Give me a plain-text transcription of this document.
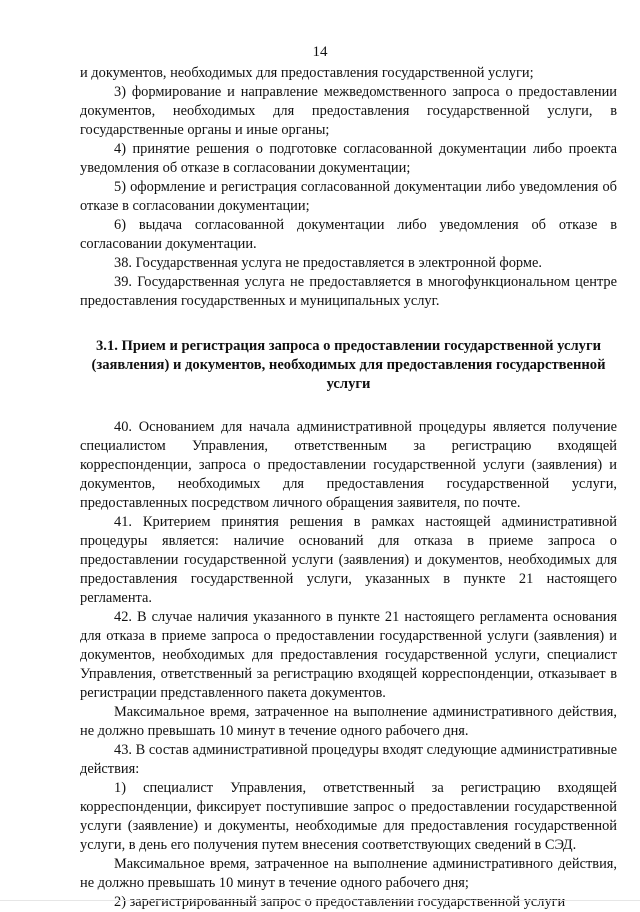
14

и документов, необходимых для предоставления государственной услуги;

3) формирование и направление межведомственного запроса о предоставлении документов, необходимых для предоставления государственной услуги, в государственные органы и иные органы;

4) принятие решения о подготовке согласованной документации либо проекта уведомления об отказе в согласовании документации;

5) оформление и регистрация согласованной документации либо уведомления об отказе в согласовании документации;

6) выдача согласованной документации либо уведомления об отказе в согласовании документации.

38. Государственная услуга не предоставляется в электронной форме.

39. Государственная услуга не предоставляется в многофункциональном центре предоставления государственных и муниципальных услуг.

3.1. Прием и регистрация запроса о предоставлении государственной услуги (заявления) и документов, необходимых для предоставления государственной услуги

40. Основанием для начала административной процедуры является получение специалистом Управления, ответственным за регистрацию входящей корреспонденции, запроса о предоставлении государственной услуги (заявления) и документов, необходимых для предоставления государственной услуги, предоставленных посредством личного обращения заявителя, по почте.

41. Критерием принятия решения в рамках настоящей административной процедуры является: наличие оснований для отказа в приеме запроса о предоставлении государственной услуги (заявления) и документов, необходимых для предоставления государственной услуги, указанных в пункте 21 настоящего регламента.

42. В случае наличия указанного в пункте 21 настоящего регламента основания для отказа в приеме запроса о предоставлении государственной услуги (заявления) и документов, необходимых для предоставления государственной услуги, специалист Управления, ответственный за регистрацию входящей корреспонденции, отказывает в регистрации представленного пакета документов.

Максимальное время, затраченное на выполнение административного действия, не должно превышать 10 минут в течение одного рабочего дня.

43. В состав административной процедуры входят следующие административные действия:

1) специалист Управления, ответственный за регистрацию входящей корреспонденции, фиксирует поступившие запрос о предоставлении государственной услуги (заявление) и документы, необходимые для предоставления государственной услуги, в день его получения путем внесения соответствующих сведений в СЭД.

Максимальное время, затраченное на выполнение административного действия, не должно превышать 10 минут в течение одного рабочего дня;

2) зарегистрированный запрос о предоставлении государственной услуги
